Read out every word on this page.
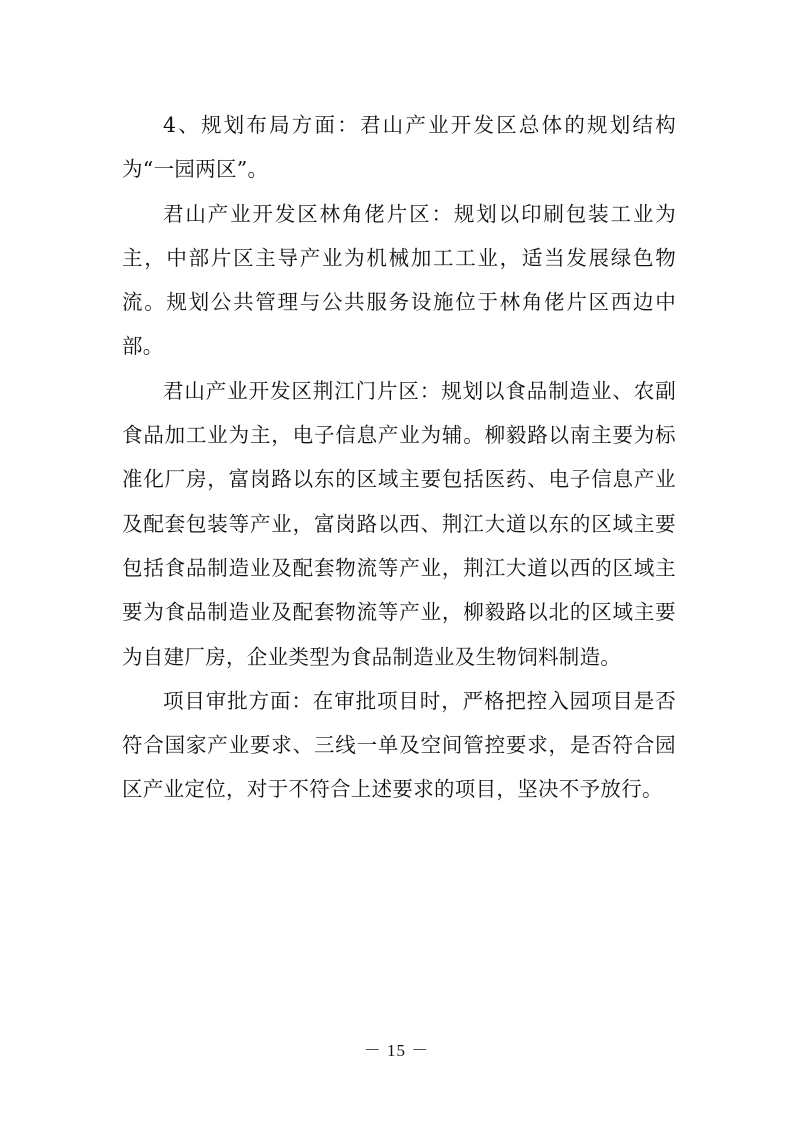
4、规划布局方面：君山产业开发区总体的规划结构为“一园两区”。

君山产业开发区林角佬片区：规划以印刷包装工业为主，中部片区主导产业为机械加工工业，适当发展绿色物流。规划公共管理与公共服务设施位于林角佬片区西边中部。

君山产业开发区荆江门片区：规划以食品制造业、农副食品加工业为主，电子信息产业为辅。柳毅路以南主要为标准化厂房，富岗路以东的区域主要包括医药、电子信息产业及配套包装等产业，富岗路以西、荆江大道以东的区域主要包括食品制造业及配套物流等产业，荆江大道以西的区域主要为食品制造业及配套物流等产业，柳毅路以北的区域主要为自建厂房，企业类型为食品制造业及生物饲料制造。

项目审批方面：在审批项目时，严格把控入园项目是否符合国家产业要求、三线一单及空间管控要求，是否符合园区产业定位，对于不符合上述要求的项目，坚决不予放行。

－ 15 －
